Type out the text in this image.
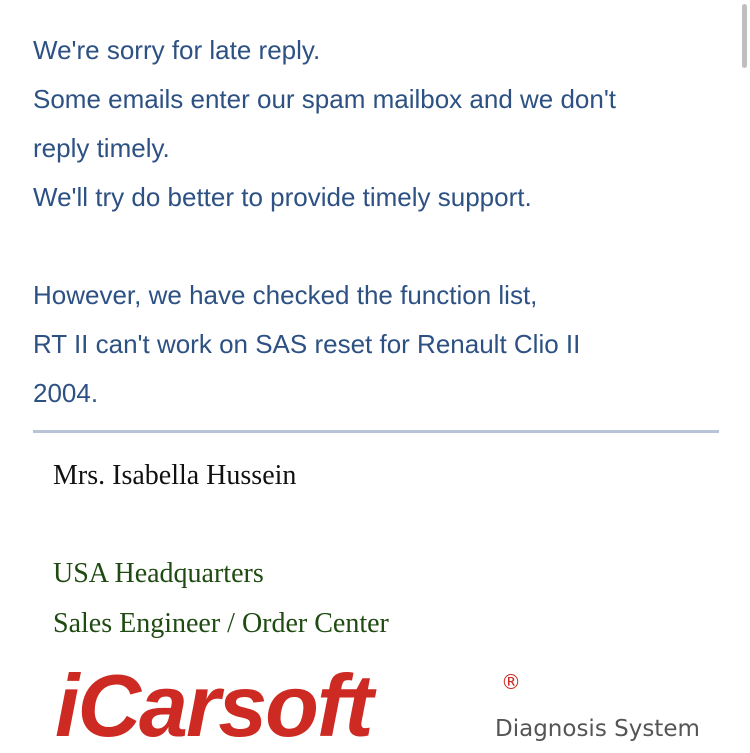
We're sorry for late reply.
Some emails enter our spam mailbox and we don't
reply timely.
We'll try do better to provide timely support.
However, we have checked the function list,
RT II can't work on SAS reset for Renault Clio II
2004.
Mrs. Isabella Hussein
USA Headquarters
Sales Engineer / Order Center
iCarsoft	®
Diagnosis System
